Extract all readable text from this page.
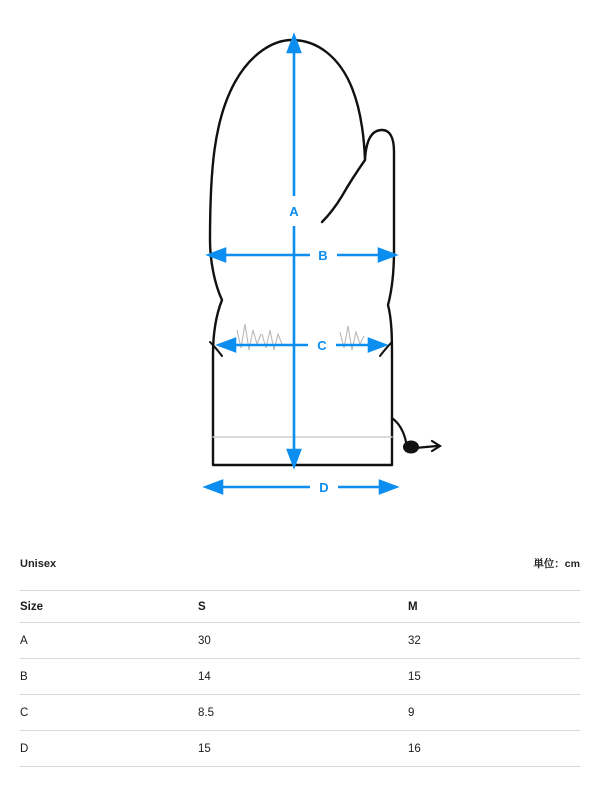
A
B
C
D
Unisex	単位：cm
Size	S	M
A	30	32
B	14	15
C	8.5	9
D	15	16
